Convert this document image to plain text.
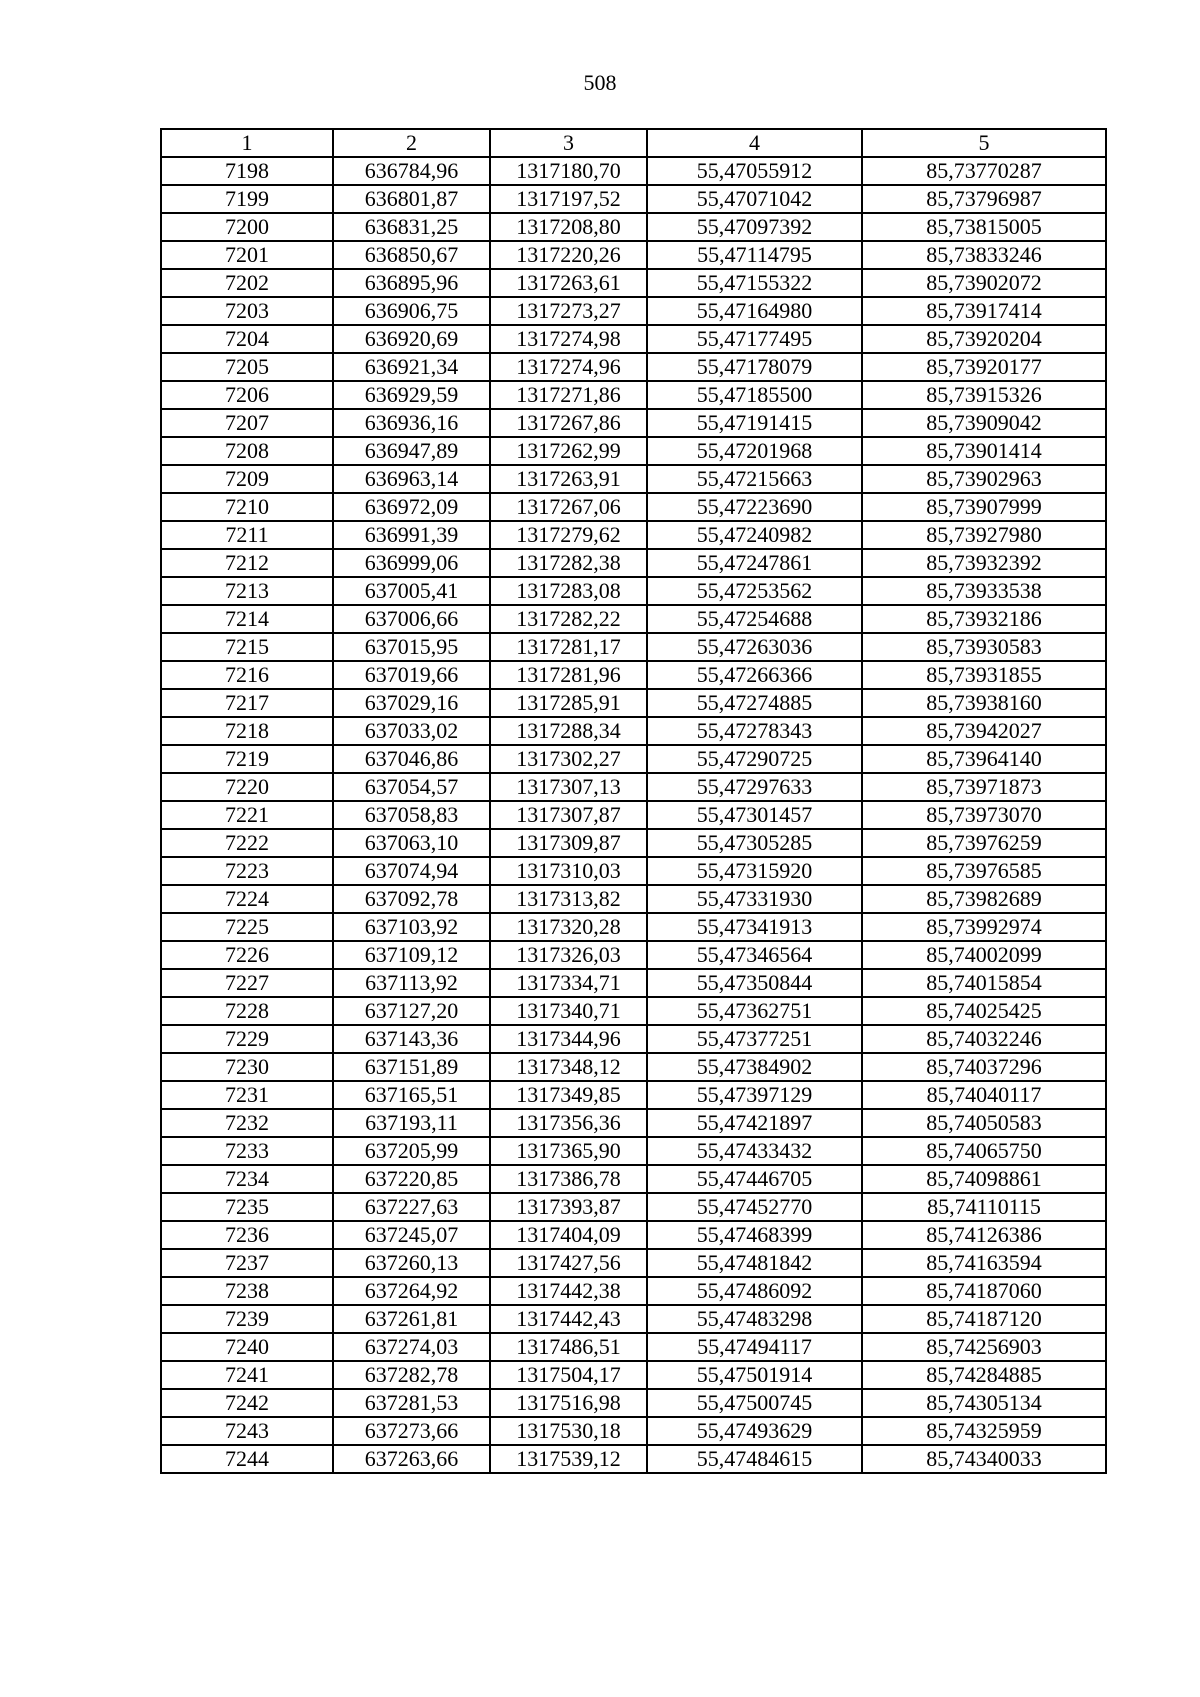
508
1	2	3	4	5
7198	636784,96	1317180,70	55,47055912	85,73770287
7199	636801,87	1317197,52	55,47071042	85,73796987
7200	636831,25	1317208,80	55,47097392	85,73815005
7201	636850,67	1317220,26	55,47114795	85,73833246
7202	636895,96	1317263,61	55,47155322	85,73902072
7203	636906,75	1317273,27	55,47164980	85,73917414
7204	636920,69	1317274,98	55,47177495	85,73920204
7205	636921,34	1317274,96	55,47178079	85,73920177
7206	636929,59	1317271,86	55,47185500	85,73915326
7207	636936,16	1317267,86	55,47191415	85,73909042
7208	636947,89	1317262,99	55,47201968	85,73901414
7209	636963,14	1317263,91	55,47215663	85,73902963
7210	636972,09	1317267,06	55,47223690	85,73907999
7211	636991,39	1317279,62	55,47240982	85,73927980
7212	636999,06	1317282,38	55,47247861	85,73932392
7213	637005,41	1317283,08	55,47253562	85,73933538
7214	637006,66	1317282,22	55,47254688	85,73932186
7215	637015,95	1317281,17	55,47263036	85,73930583
7216	637019,66	1317281,96	55,47266366	85,73931855
7217	637029,16	1317285,91	55,47274885	85,73938160
7218	637033,02	1317288,34	55,47278343	85,73942027
7219	637046,86	1317302,27	55,47290725	85,73964140
7220	637054,57	1317307,13	55,47297633	85,73971873
7221	637058,83	1317307,87	55,47301457	85,73973070
7222	637063,10	1317309,87	55,47305285	85,73976259
7223	637074,94	1317310,03	55,47315920	85,73976585
7224	637092,78	1317313,82	55,47331930	85,73982689
7225	637103,92	1317320,28	55,47341913	85,73992974
7226	637109,12	1317326,03	55,47346564	85,74002099
7227	637113,92	1317334,71	55,47350844	85,74015854
7228	637127,20	1317340,71	55,47362751	85,74025425
7229	637143,36	1317344,96	55,47377251	85,74032246
7230	637151,89	1317348,12	55,47384902	85,74037296
7231	637165,51	1317349,85	55,47397129	85,74040117
7232	637193,11	1317356,36	55,47421897	85,74050583
7233	637205,99	1317365,90	55,47433432	85,74065750
7234	637220,85	1317386,78	55,47446705	85,74098861
7235	637227,63	1317393,87	55,47452770	85,74110115
7236	637245,07	1317404,09	55,47468399	85,74126386
7237	637260,13	1317427,56	55,47481842	85,74163594
7238	637264,92	1317442,38	55,47486092	85,74187060
7239	637261,81	1317442,43	55,47483298	85,74187120
7240	637274,03	1317486,51	55,47494117	85,74256903
7241	637282,78	1317504,17	55,47501914	85,74284885
7242	637281,53	1317516,98	55,47500745	85,74305134
7243	637273,66	1317530,18	55,47493629	85,74325959
7244	637263,66	1317539,12	55,47484615	85,74340033
